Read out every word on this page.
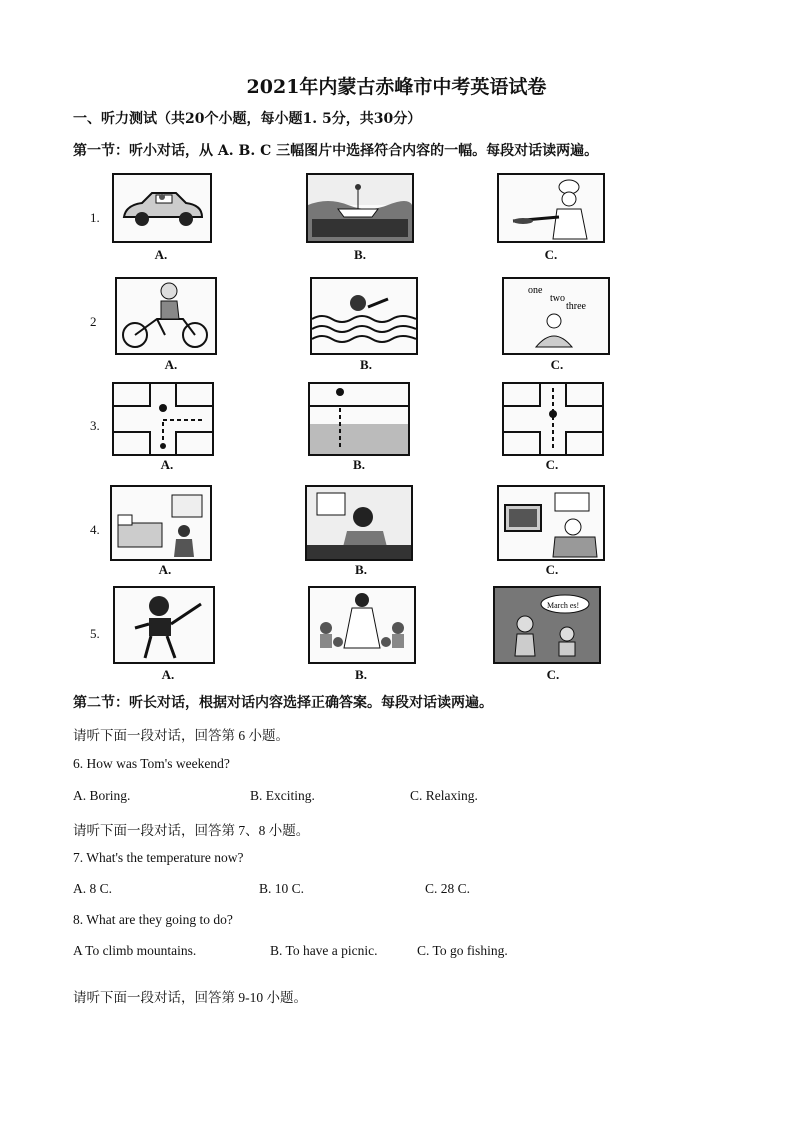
2021年内蒙古赤峰市中考英语试卷
一、听力测试（共20个小题，每小题1. 5分，共30分）
第一节：听小对话，从 A. B. C 三幅图片中选择符合内容的一幅。每段对话读两遍。
1.
A.	B.	C.
2
A.	B.
one
two
three
C.
3.
A.	B.	C.
4.
A.	B.	C.
5.
A.	B.
March es!
C.
第二节：听长对话，根据对话内容选择正确答案。每段对话读两遍。
请听下面一段对话，回答第 6 小题。
6. How was Tom's weekend?
A. Boring.	B. Exciting.	C. Relaxing.
请听下面一段对话，回答第 7、8 小题。
7. What's the temperature now?
A. 8 C.	B. 10 C.	C. 28 C.
8. What are they going to do?
A To climb mountains.	B. To have a picnic.	C. To go fishing.
请听下面一段对话，回答第 9-10 小题。
